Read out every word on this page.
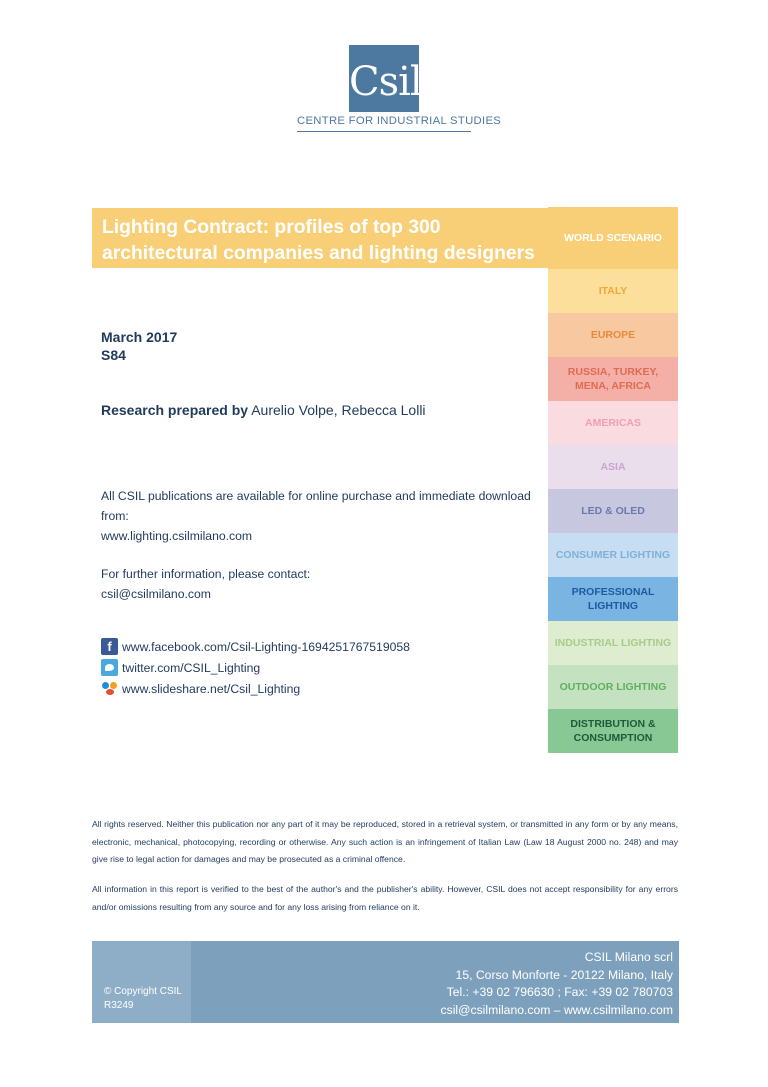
Csil
CENTRE FOR INDUSTRIAL STUDIES
Lighting Contract: profiles of top 300
architectural companies and lighting designers
March 2017
S84
Research prepared by Aurelio Volpe, Rebecca Lolli
All CSIL publications are available for online purchase and immediate download from:
www.lighting.csilmilano.com
For further information, please contact:
csil@csilmilano.com
f www.facebook.com/Csil-Lighting-1694251767519058
twitter.com/CSIL_Lighting
www.slideshare.net/Csil_Lighting
WORLD SCENARIO
ITALY
EUROPE
RUSSIA, TURKEY, MENA, AFRICA
AMERICAS
ASIA
LED & OLED
CONSUMER LIGHTING
PROFESSIONAL LIGHTING
INDUSTRIAL LIGHTING
OUTDOOR LIGHTING
DISTRIBUTION & CONSUMPTION
All rights reserved. Neither this publication nor any part of it may be reproduced, stored in a retrieval system, or transmitted in any form or by any means, electronic, mechanical, photocopying, recording or otherwise. Any such action is an infringement of Italian Law (Law 18 August 2000 no. 248) and may give rise to legal action for damages and may be prosecuted as a criminal offence.
All information in this report is verified to the best of the author's and the publisher's ability. However, CSIL does not accept responsibility for any errors and/or omissions resulting from any source and for any loss arising from reliance on it.
© Copyright CSIL
R3249
CSIL Milano scrl
15, Corso Monforte - 20122 Milano, Italy
Tel.: +39 02 796630 ; Fax: +39 02 780703
csil@csilmilano.com – www.csilmilano.com
